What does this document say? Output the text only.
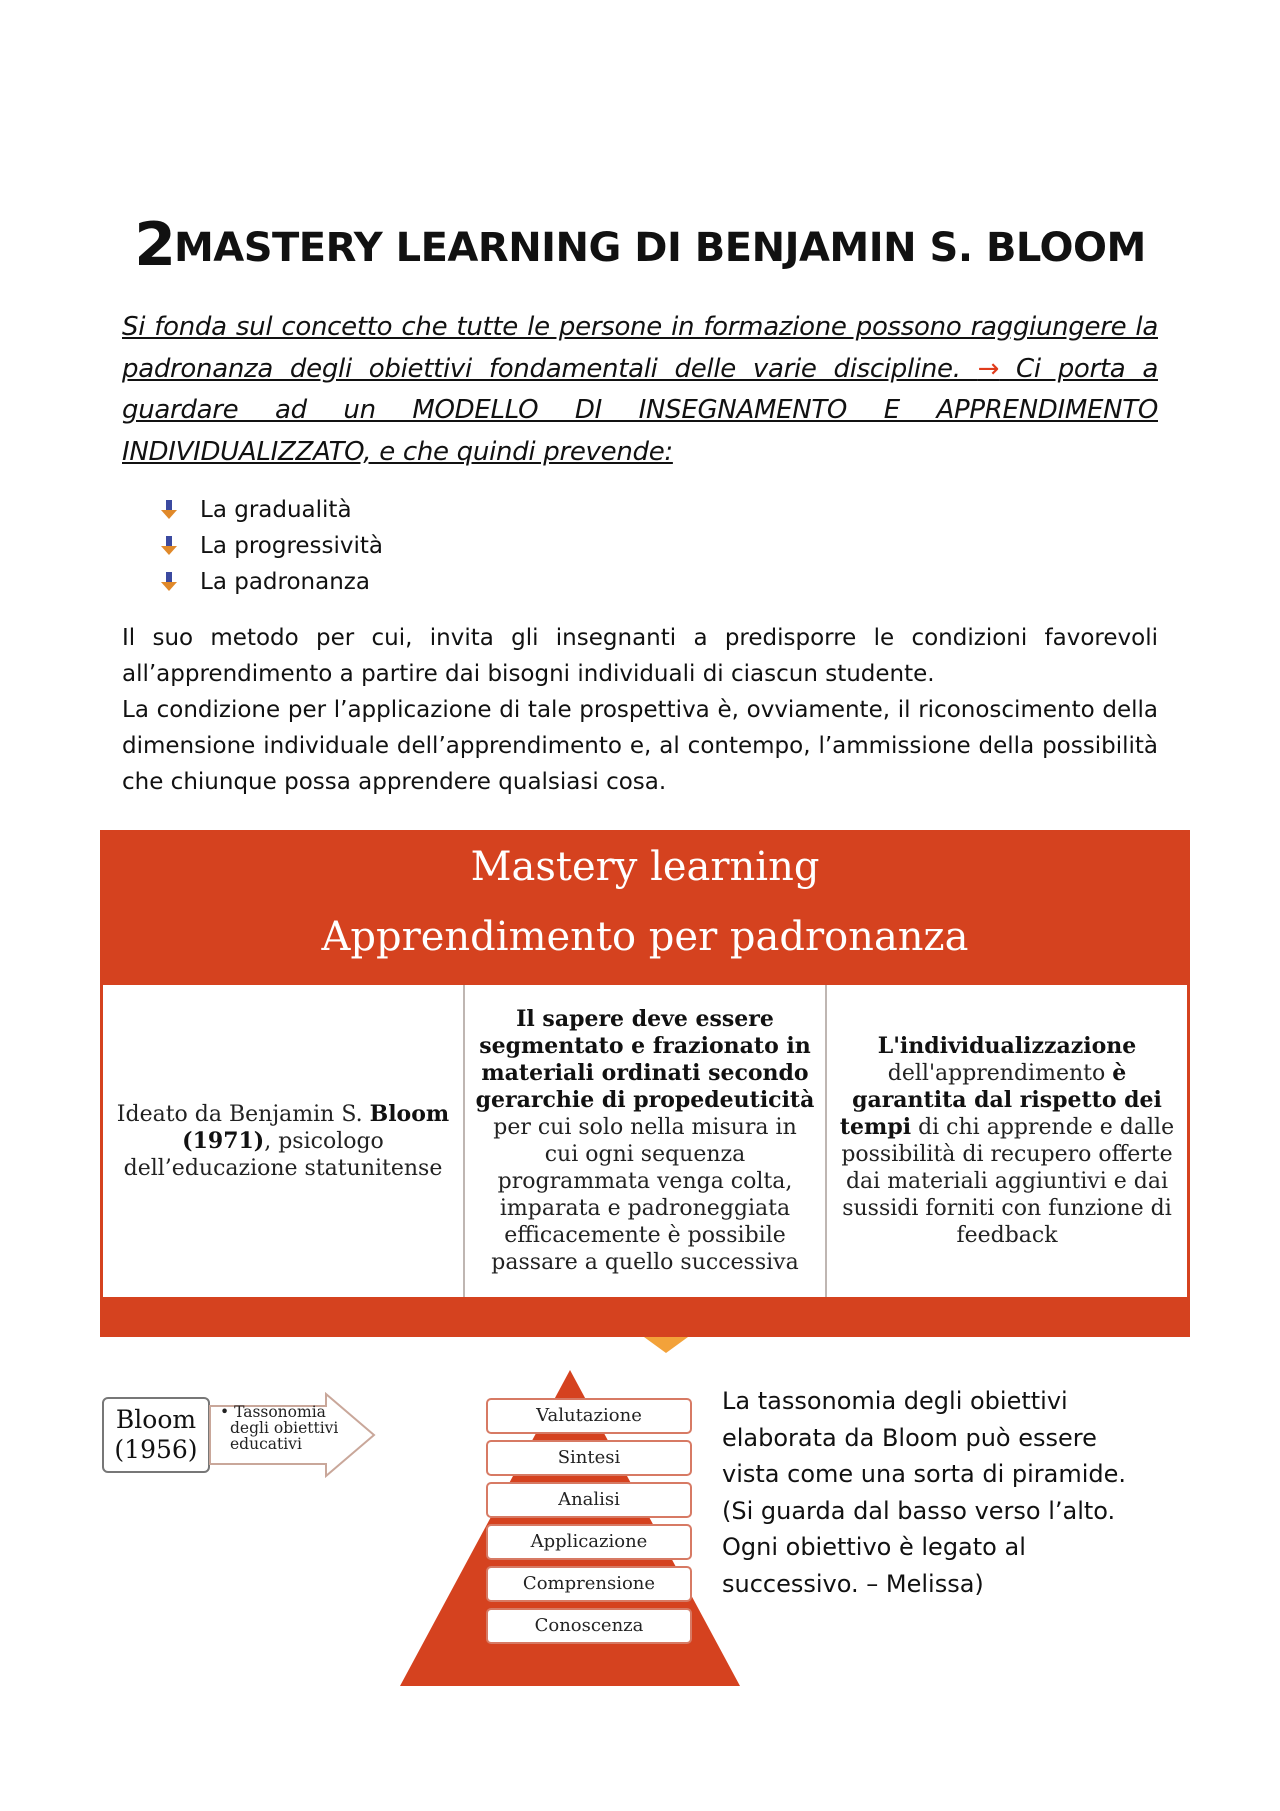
2MASTERY LEARNING DI BENJAMIN S. BLOOM

Si fonda sul concetto che tutte le persone in formazione possono raggiungere la padronanza degli obiettivi fondamentali delle varie discipline. → Ci porta a guardare ad un MODELLO DI INSEGNAMENTO E APPRENDIMENTO INDIVIDUALIZZATO, e che quindi prevende:

La gradualità
La progressività
La padronanza

Il suo metodo per cui, invita gli insegnanti a predisporre le condizioni favorevoli all’apprendimento a partire dai bisogni individuali di ciascun studente.

La condizione per l’applicazione di tale prospettiva è, ovviamente, il riconoscimento della dimensione individuale dell’apprendimento e, al contempo, l’ammissione della possibilità che chiunque possa apprendere qualsiasi cosa.

Mastery learning
Apprendimento per padronanza
Ideato da Benjamin S. Bloom
(1971), psicologo dell’educazione statunitense
Il sapere deve essere segmentato e frazionato in materiali ordinati secondo gerarchie di propedeuticità per cui solo nella misura in cui ogni sequenza programmata venga colta, imparata e padroneggiata efficacemente è possibile passare a quello successiva
L'individualizzazione
dell'apprendimento è garantita dal rispetto dei tempi di chi apprende e dalle possibilità di recupero offerte dai materiali aggiuntivi e dai sussidi forniti con funzione di feedback
Bloom
(1956)
• Tassonomia
degli obiettivi educativi
Valutazione
Sintesi
Analisi
Applicazione
Comprensione
Conoscenza

La tassonomia degli obiettivi elaborata da Bloom può essere vista come una sorta di piramide. (Si guarda dal basso verso l’alto. Ogni obiettivo è legato al successivo. – Melissa)
